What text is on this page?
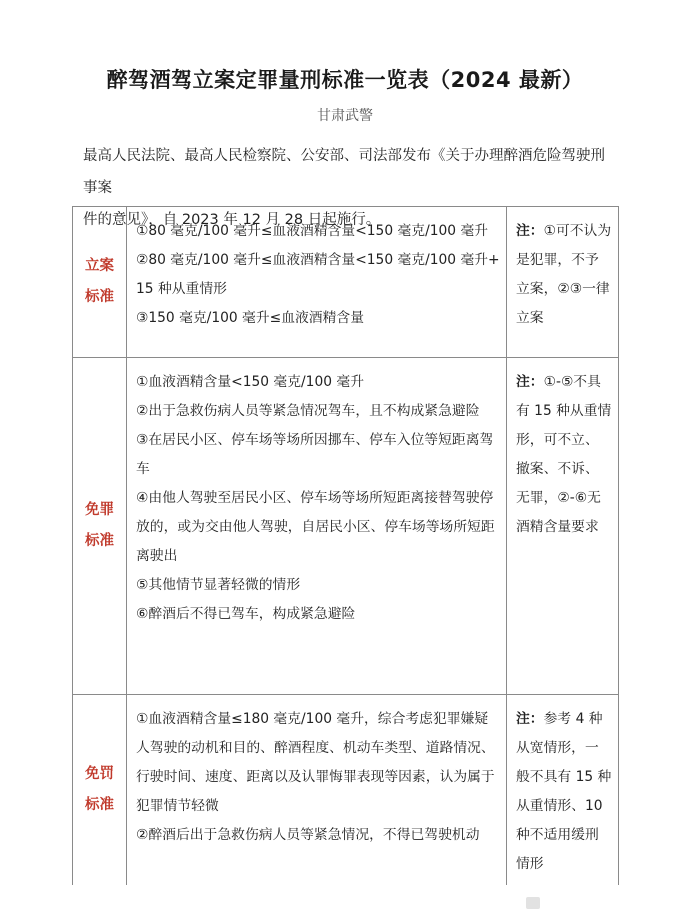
醉驾酒驾立案定罪量刑标准一览表（2024 最新）
甘肃武警
最高人民法院、最高人民检察院、公安部、司法部发布《关于办理醉酒危险驾驶刑事案
件的意见》，自 2023 年 12 月 28 日起施行。
立案标准
①80 毫克/100 毫升≤血液酒精含量<150 毫克/100 毫升
②80 毫克/100 毫升≤血液酒精含量<150 毫克/100 毫升+
15 种从重情形
③150 毫克/100 毫升≤血液酒精含量
注：①可不认为是犯罪，不予立案，②③一律立案
免罪标准
①血液酒精含量<150 毫克/100 毫升
②出于急救伤病人员等紧急情况驾车，且不构成紧急避险
③在居民小区、停车场等场所因挪车、停车入位等短距离驾
车
④由他人驾驶至居民小区、停车场等场所短距离接替驾驶停
放的，或为交由他人驾驶，自居民小区、停车场等场所短距
离驶出
⑤其他情节显著轻微的情形
⑥醉酒后不得已驾车，构成紧急避险
注：①-⑤不具有 15 种从重情形，可不立、撤案、不诉、无罪，②-⑥无酒精含量要求
免罚标准
①血液酒精含量≤180 毫克/100 毫升，综合考虑犯罪嫌疑
人驾驶的动机和目的、醉酒程度、机动车类型、道路情况、
行驶时间、速度、距离以及认罪悔罪表现等因素，认为属于
犯罪情节轻微
②醉酒后出于急救伤病人员等紧急情况，不得已驾驶机动
注：参考 4 种从宽情形，一般不具有 15 种从重情形、10 种不适用缓刑情形
